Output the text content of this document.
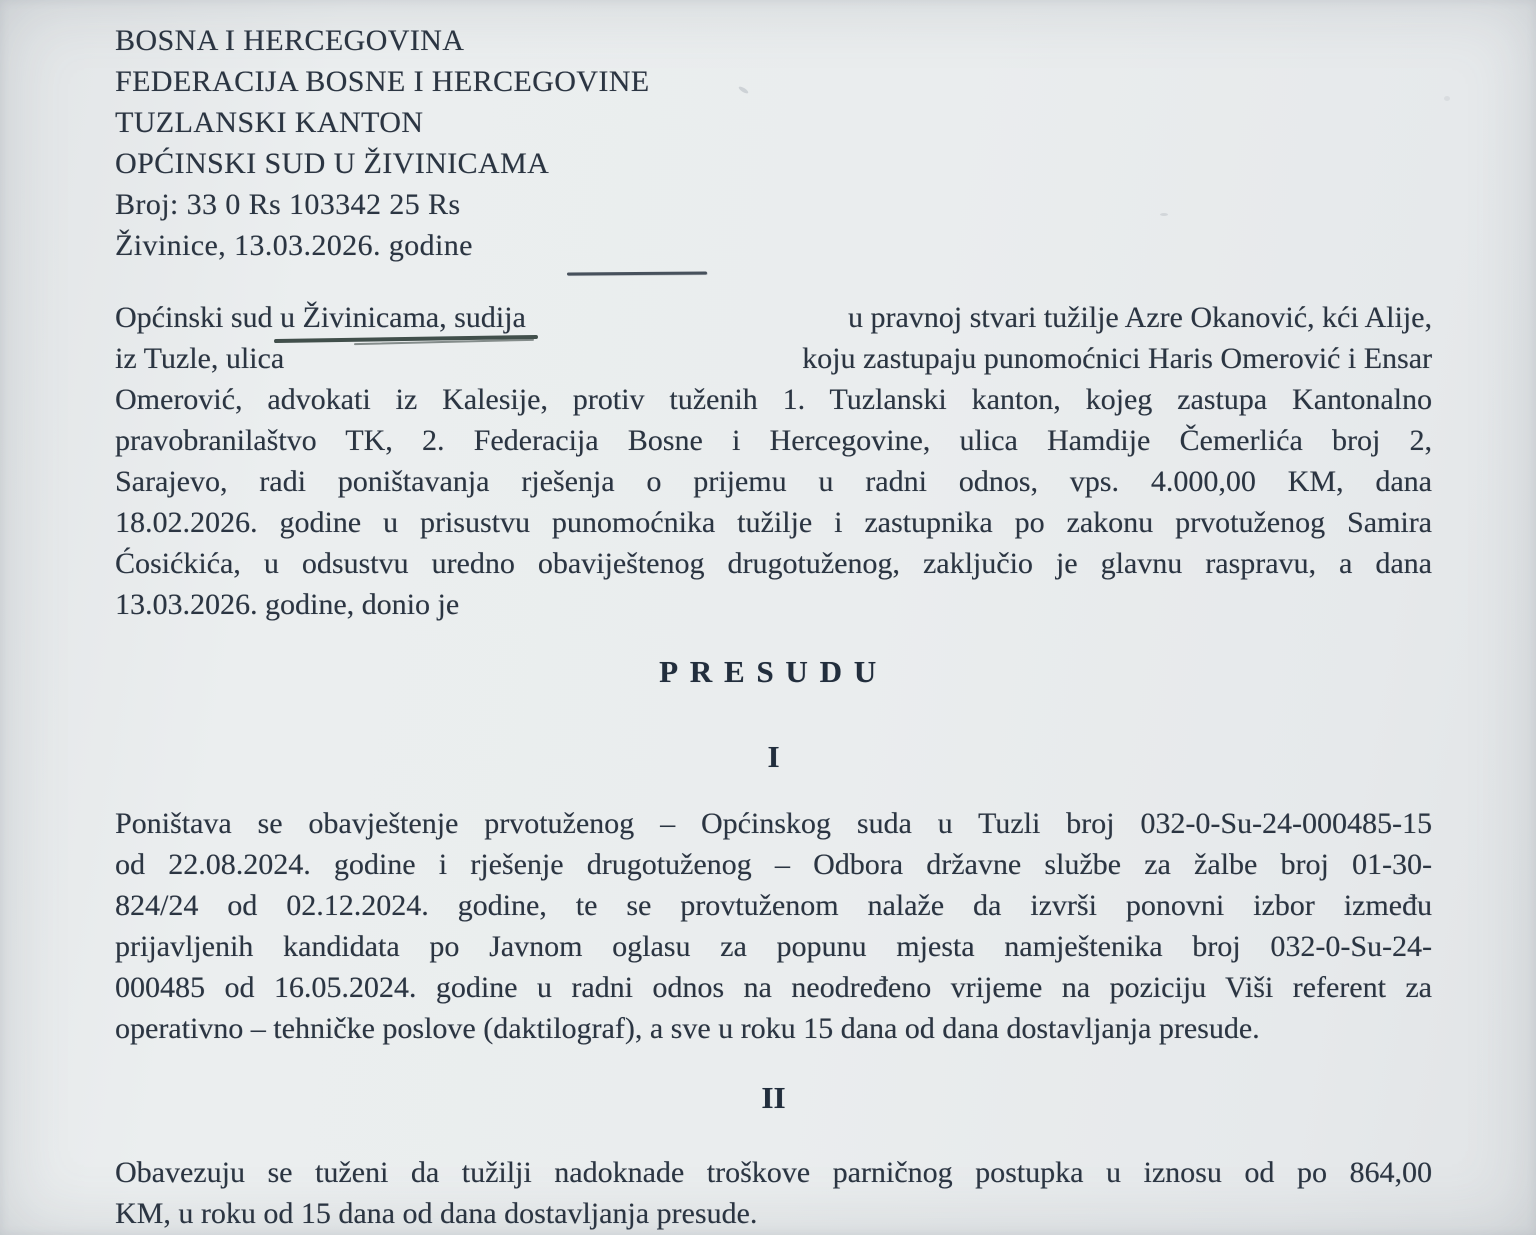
BOSNA I HERCEGOVINA
FEDERACIJA BOSNE I HERCEGOVINE
TUZLANSKI KANTON
OPĆINSKI SUD U ŽIVINICAMA
Broj: 33 0 Rs 103342 25 Rs
Živinice, 13.03.2026. godine
Općinski sud u Živinicama, sudija	u pravnoj stvari tužilje Azre Okanović, kći Alije,
iz Tuzle, ulica	koju zastupaju punomoćnici Haris Omerović i Ensar
Omerović, advokati iz Kalesije, protiv tuženih 1. Tuzlanski kanton, kojeg zastupa Kantonalno
pravobranilaštvo TK, 2. Federacija Bosne i Hercegovine, ulica Hamdije Čemerlića broj 2,
Sarajevo, radi poništavanja rješenja o prijemu u radni odnos, vps. 4.000,00 KM, dana
18.02.2026. godine u prisustvu punomoćnika tužilje i zastupnika po zakonu prvotuženog Samira
Ćosićkića, u odsustvu uredno obaviještenog drugotuženog, zaključio je glavnu raspravu, a dana
13.03.2026. godine, donio je
PRESUDU
I
Poništava se obavještenje prvotuženog – Općinskog suda u Tuzli broj 032-0-Su-24-000485-15
od 22.08.2024. godine i rješenje drugotuženog – Odbora državne službe za žalbe broj 01-30-
824/24 od 02.12.2024. godine, te se provtuženom nalaže da izvrši ponovni izbor između
prijavljenih kandidata po Javnom oglasu za popunu mjesta namještenika broj 032-0-Su-24-
000485 od 16.05.2024. godine u radni odnos na neodređeno vrijeme na poziciju Viši referent za
operativno – tehničke poslove (daktilograf), a sve u roku 15 dana od dana dostavljanja presude.
II
Obavezuju se tuženi da tužilji nadoknade troškove parničnog postupka u iznosu od po 864,00
KM, u roku od 15 dana od dana dostavljanja presude.
